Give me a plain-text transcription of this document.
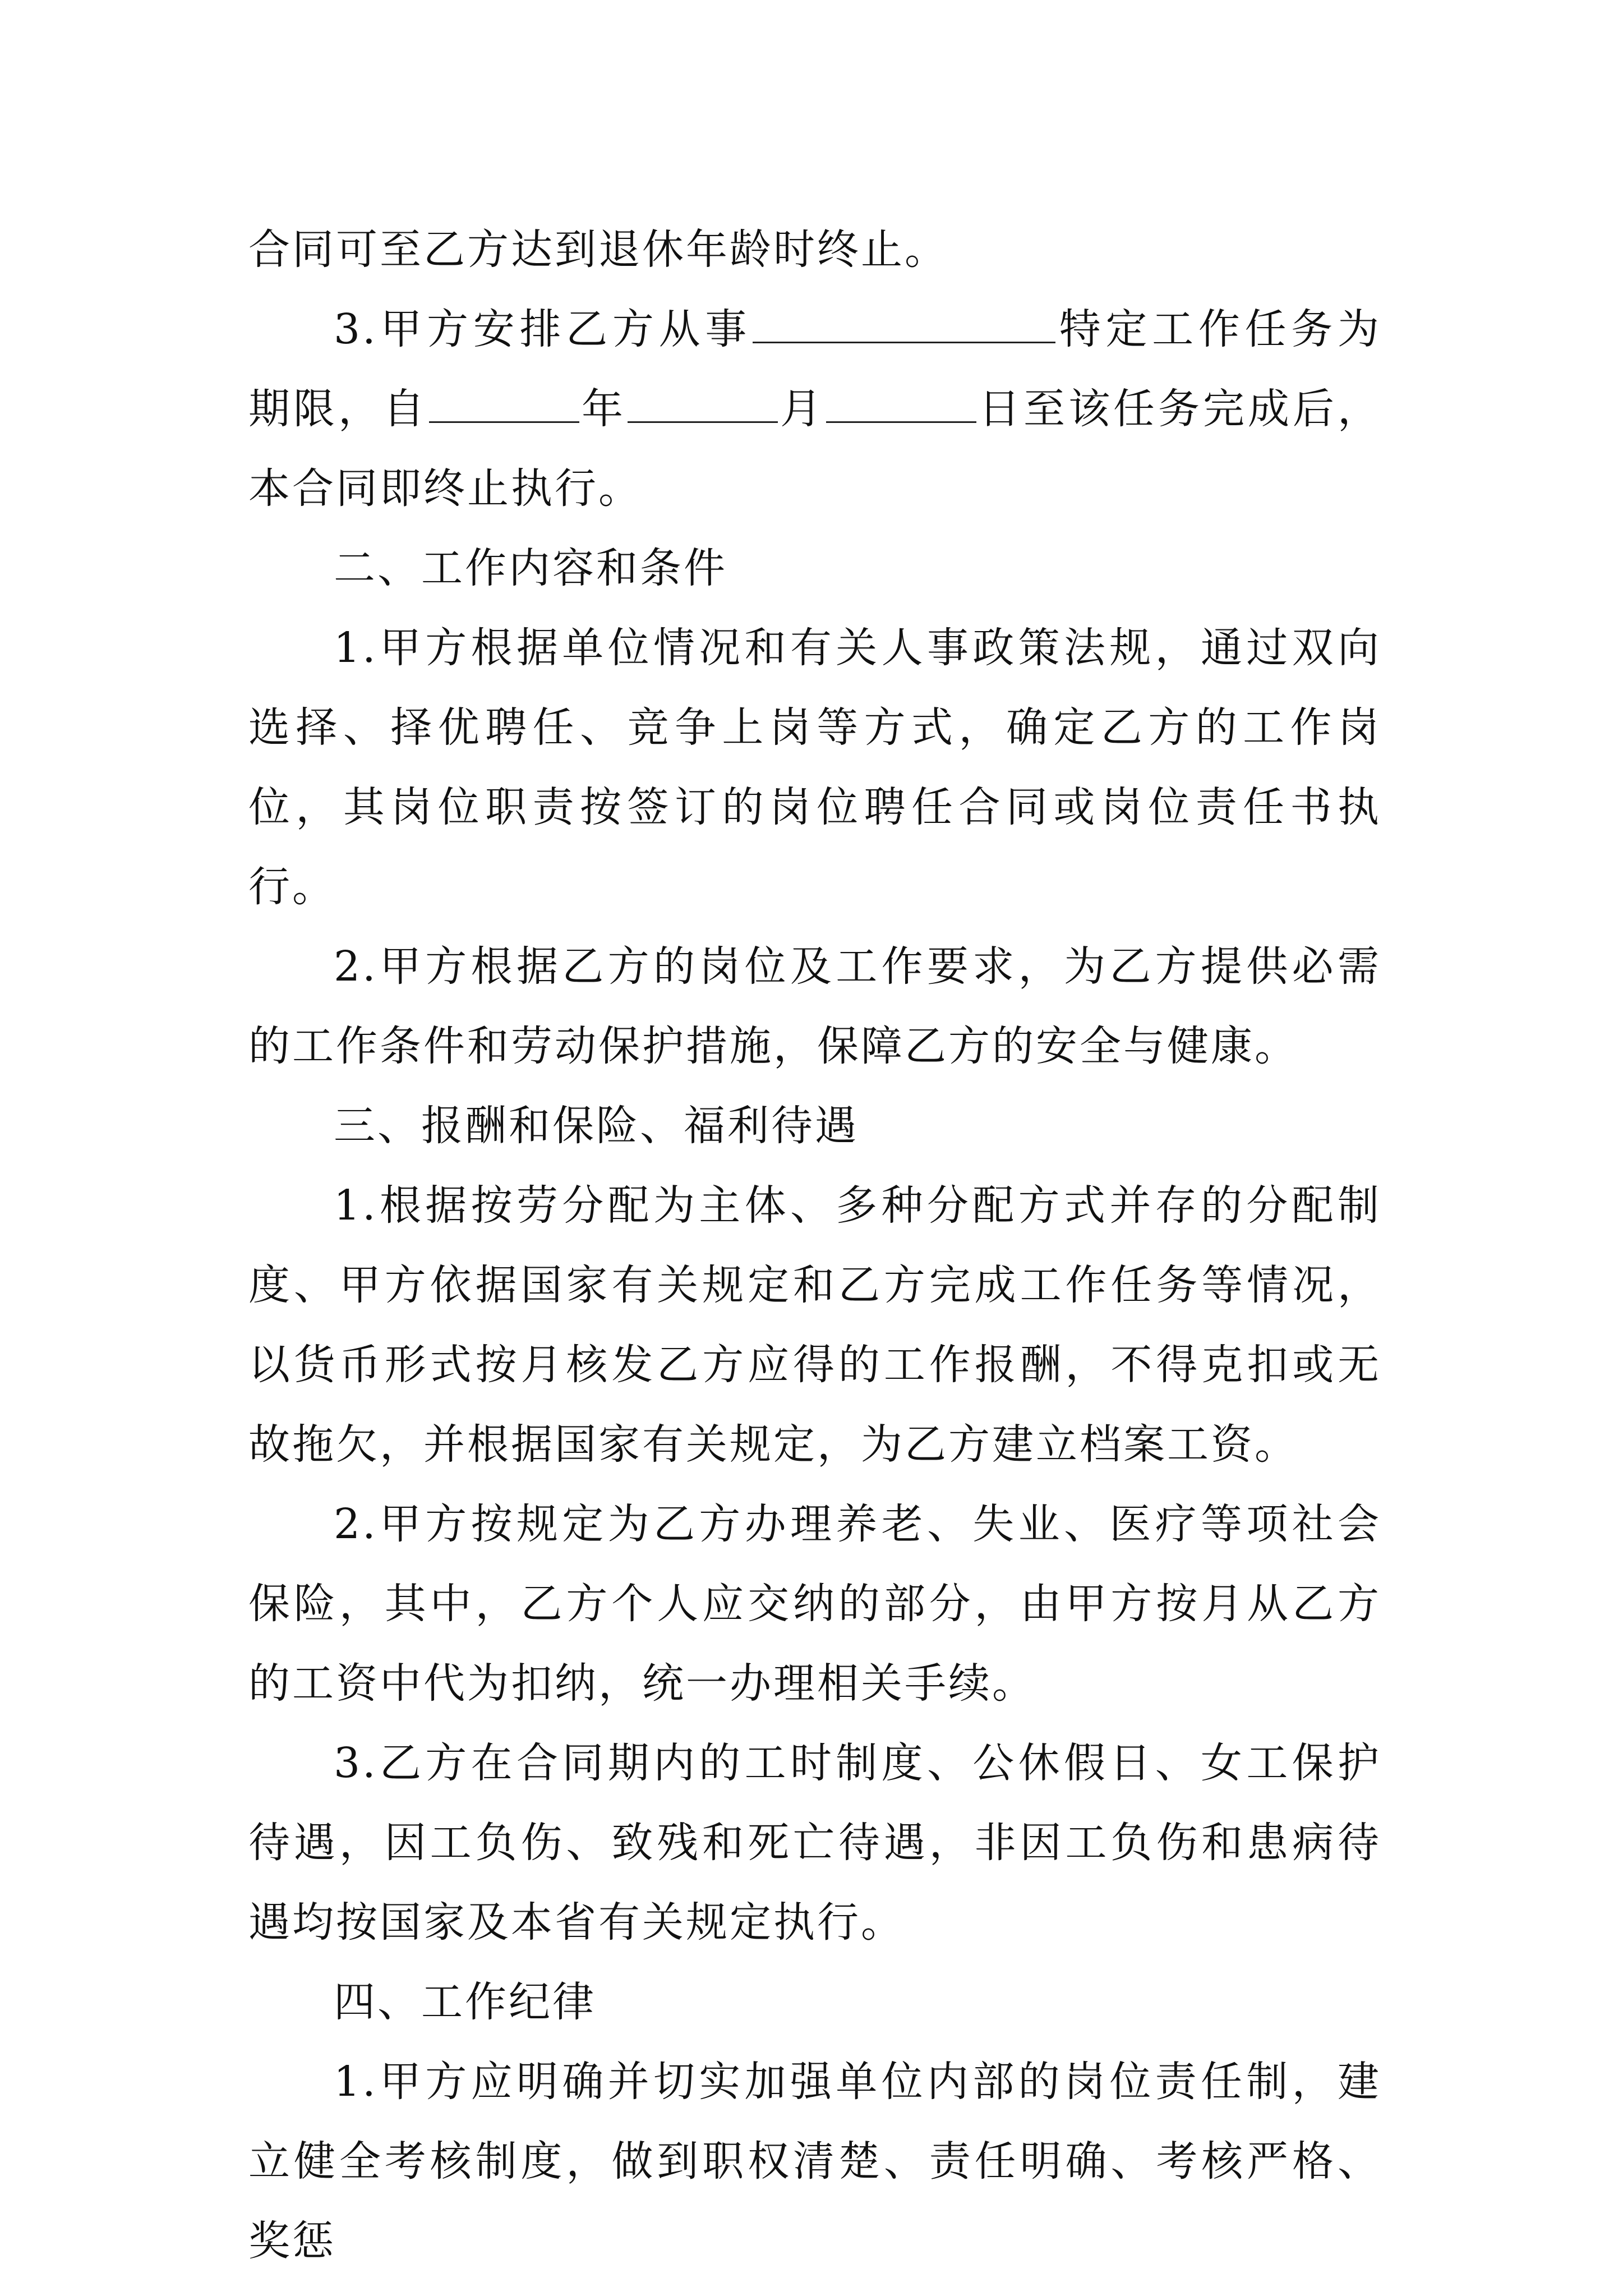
合同可至乙方达到退休年龄时终止。

3.甲方安排乙方从事	特定工作任务为期限，自	年	月	日至该任务完成后，本合同即终止执行。

二、工作内容和条件

1.甲方根据单位情况和有关人事政策法规，通过双向选择、择优聘任、竞争上岗等方式，确定乙方的工作岗位，其岗位职责按签订的岗位聘任合同或岗位责任书执行。

2.甲方根据乙方的岗位及工作要求，为乙方提供必需的工作条件和劳动保护措施，保障乙方的安全与健康。

三、报酬和保险、福利待遇

1.根据按劳分配为主体、多种分配方式并存的分配制度、甲方依据国家有关规定和乙方完成工作任务等情况，以货币形式按月核发乙方应得的工作报酬，不得克扣或无故拖欠，并根据国家有关规定，为乙方建立档案工资。

2.甲方按规定为乙方办理养老、失业、医疗等项社会保险，其中，乙方个人应交纳的部分，由甲方按月从乙方的工资中代为扣纳，统一办理相关手续。

3.乙方在合同期内的工时制度、公休假日、女工保护待遇，因工负伤、致残和死亡待遇，非因工负伤和患病待遇均按国家及本省有关规定执行。

四、工作纪律

1.甲方应明确并切实加强单位内部的岗位责任制，建立健全考核制度，做到职权清楚、责任明确、考核严格、奖惩
